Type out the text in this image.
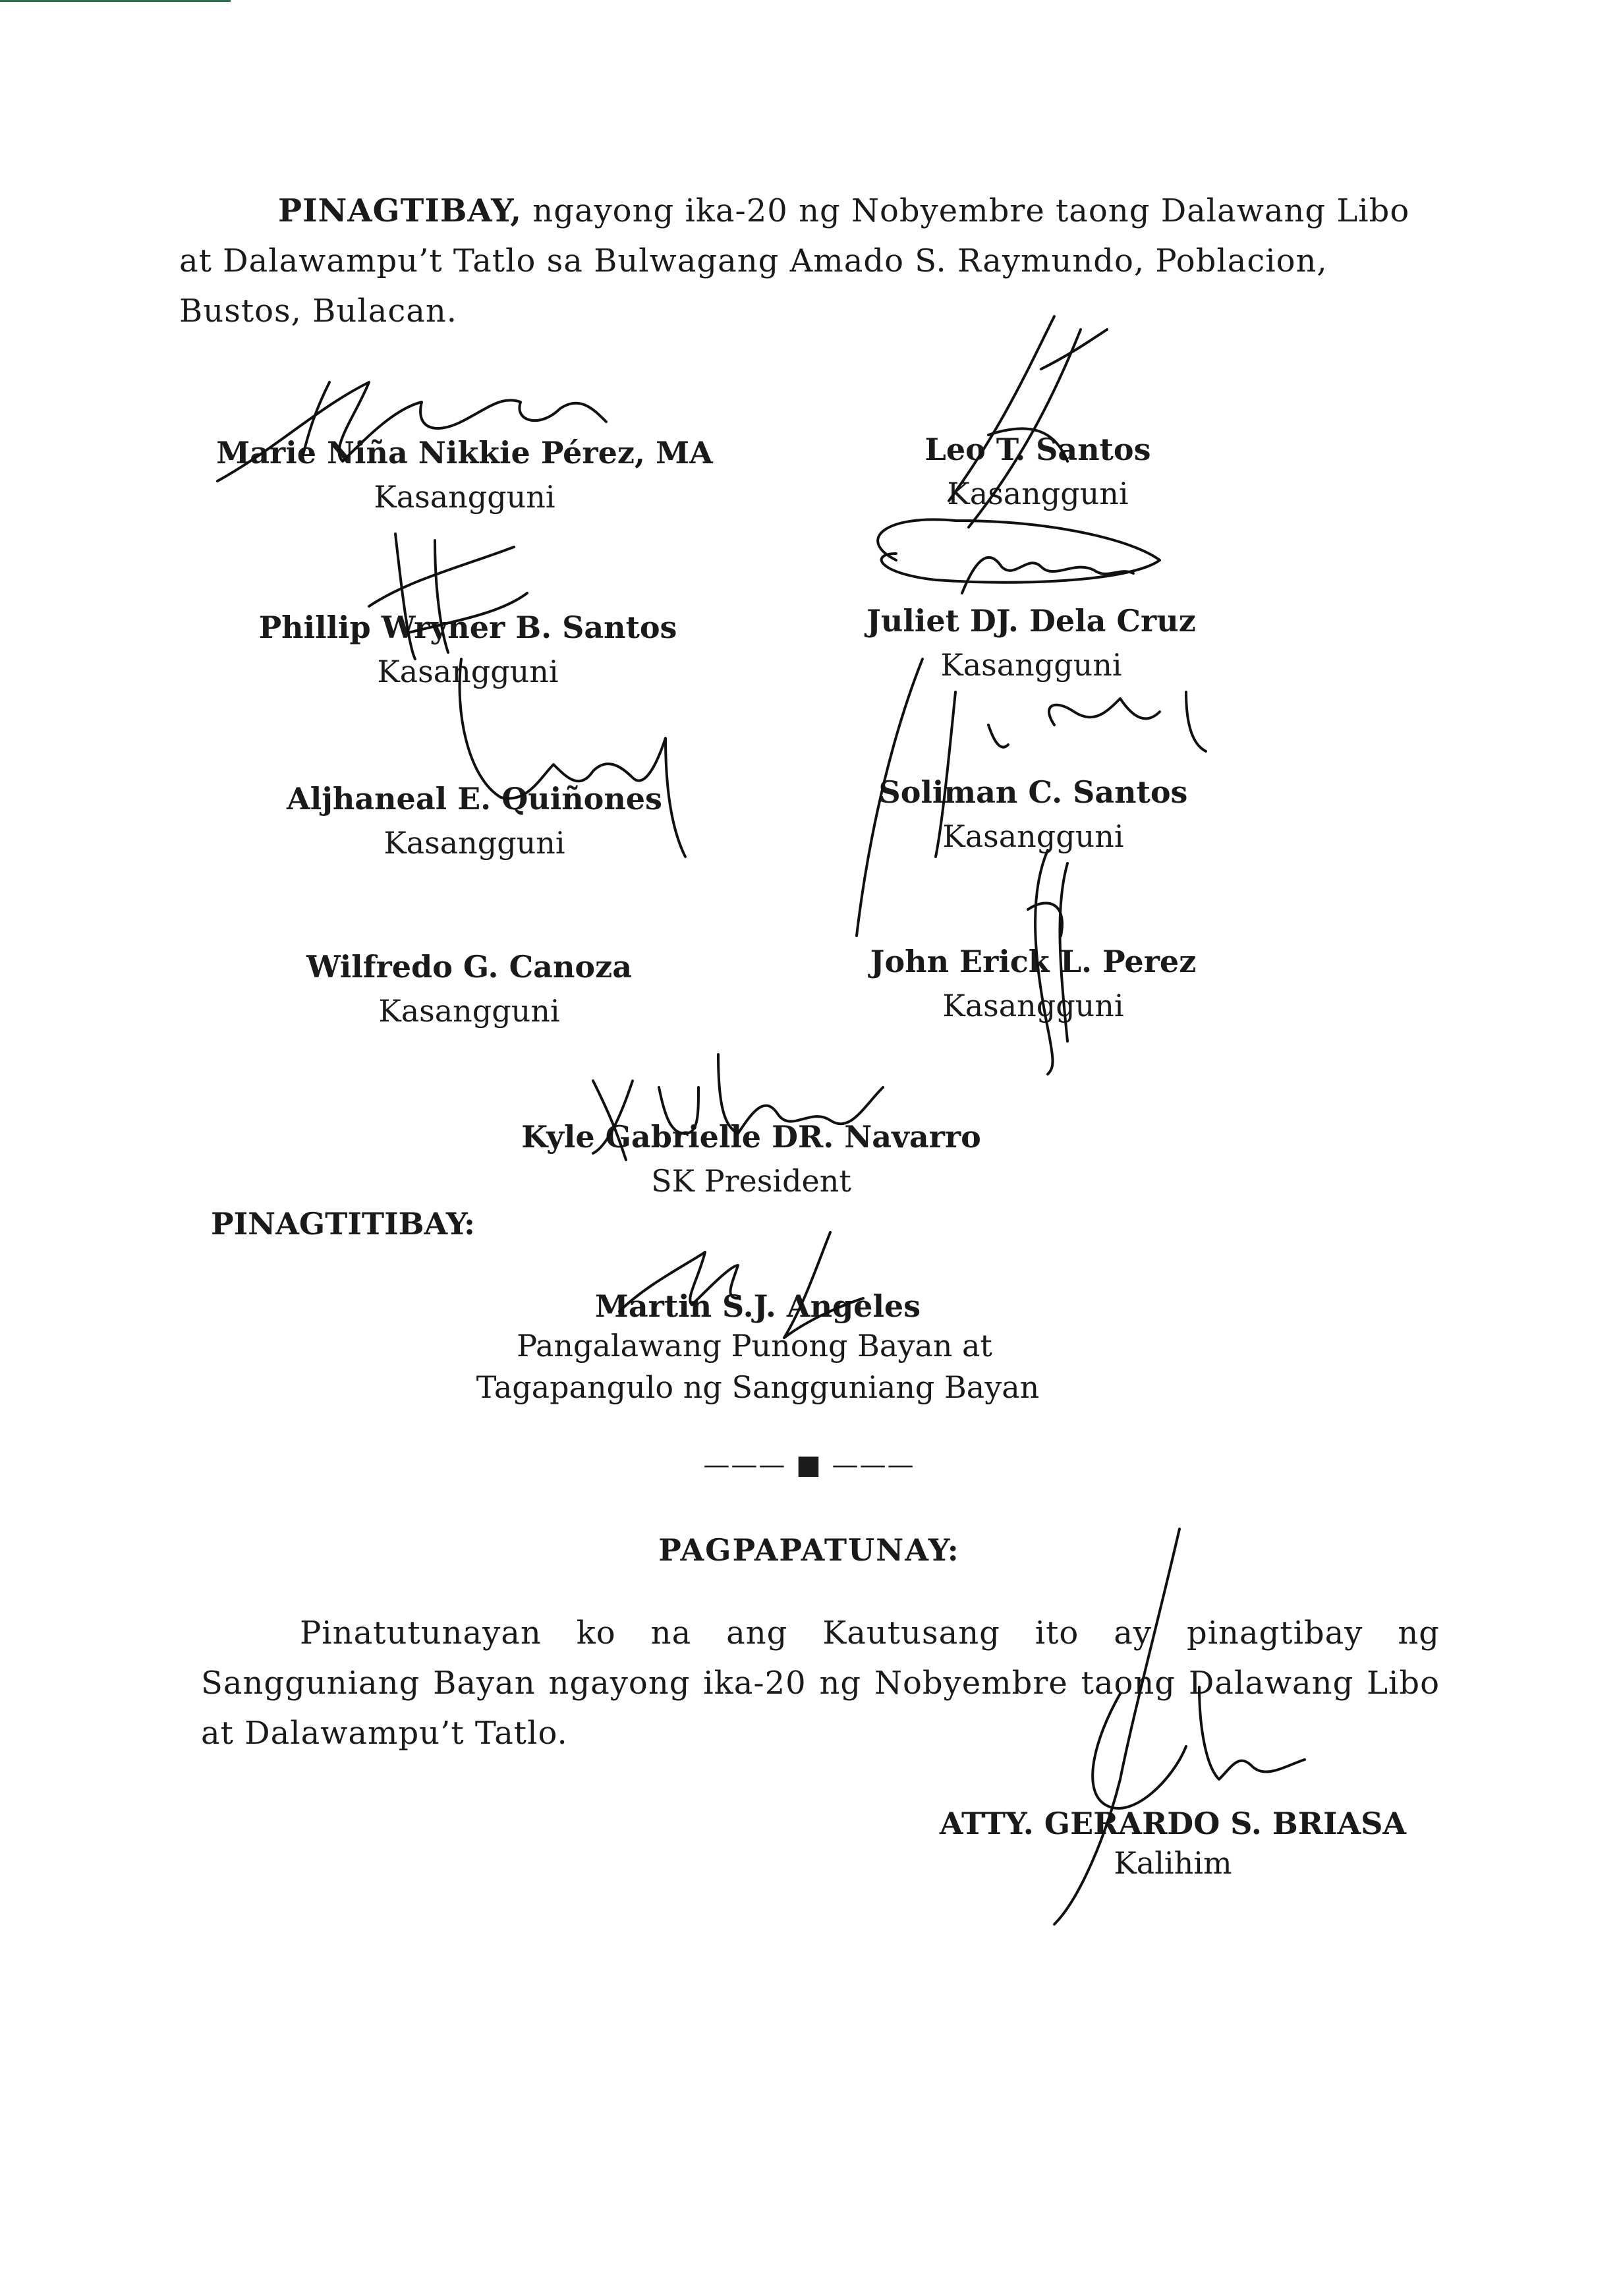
PINAGTIBAY, ngayong ika-20 ng Nobyembre taong Dalawang Libo
at Dalawampu’t Tatlo sa Bulwagang Amado S. Raymundo, Poblacion,
Bustos, Bulacan.
Marie Niña Nikkie Pérez, MA
Kasangguni
Leo T. Santos
Kasangguni
Phillip Wryner B. Santos
Kasangguni
Juliet DJ. Dela Cruz
Kasangguni
Aljhaneal E. Quiñones
Kasangguni
Soliman C. Santos
Kasangguni
Wilfredo G. Canoza
Kasangguni
John Erick L. Perez
Kasangguni
Kyle Gabrielle DR. Navarro
SK President
PINAGTITIBAY:
Martin S.J. Angeles
Pangalawang Punong Bayan at
Tagapangulo ng Sangguniang Bayan
——— ■ ———
PAGPAPATUNAY:
Pinatutunayan ko na ang Kautusang ito ay pinagtibay ng
Sangguniang Bayan ngayong ika-20 ng Nobyembre taong Dalawang Libo
at Dalawampu’t Tatlo.
ATTY. GERARDO S. BRIASA
Kalihim
